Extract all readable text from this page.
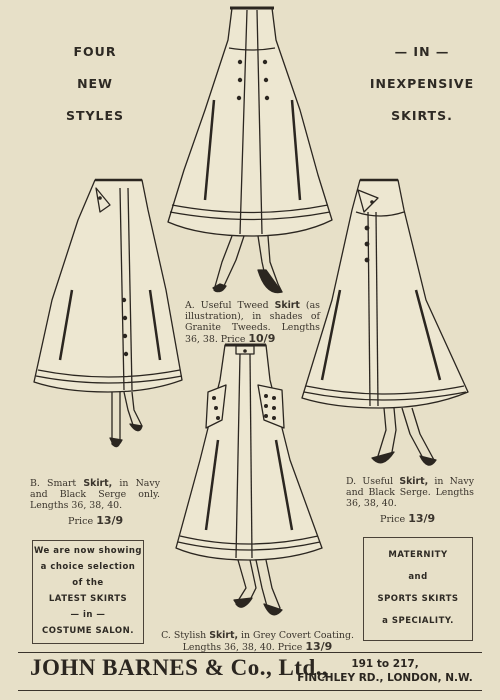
FOUR
NEW
STYLES
— IN —
INEXPENSIVE
SKIRTS.
A. Useful Tweed Skirt (as illustration), in shades of Granite Tweeds. Lengths 36, 38. Price 10/9
B. Smart Skirt, in Navy and Black Serge only. Lengths 36, 38, 40.
Price 13/9
D. Useful Skirt, in Navy and Black Serge. Lengths 36, 38, 40.
Price 13/9
C. Stylish Skirt, in Grey Covert Coating. Lengths 36, 38, 40. Price 13/9
We are now showing
a choice selection
of the
LATEST SKIRTS
— in —
COSTUME SALON.
MATERNITY
and
SPORTS SKIRTS
a SPECIALITY.
JOHN BARNES & Co., Ltd.,	191 to 217,
FINCHLEY RD., LONDON, N.W.
